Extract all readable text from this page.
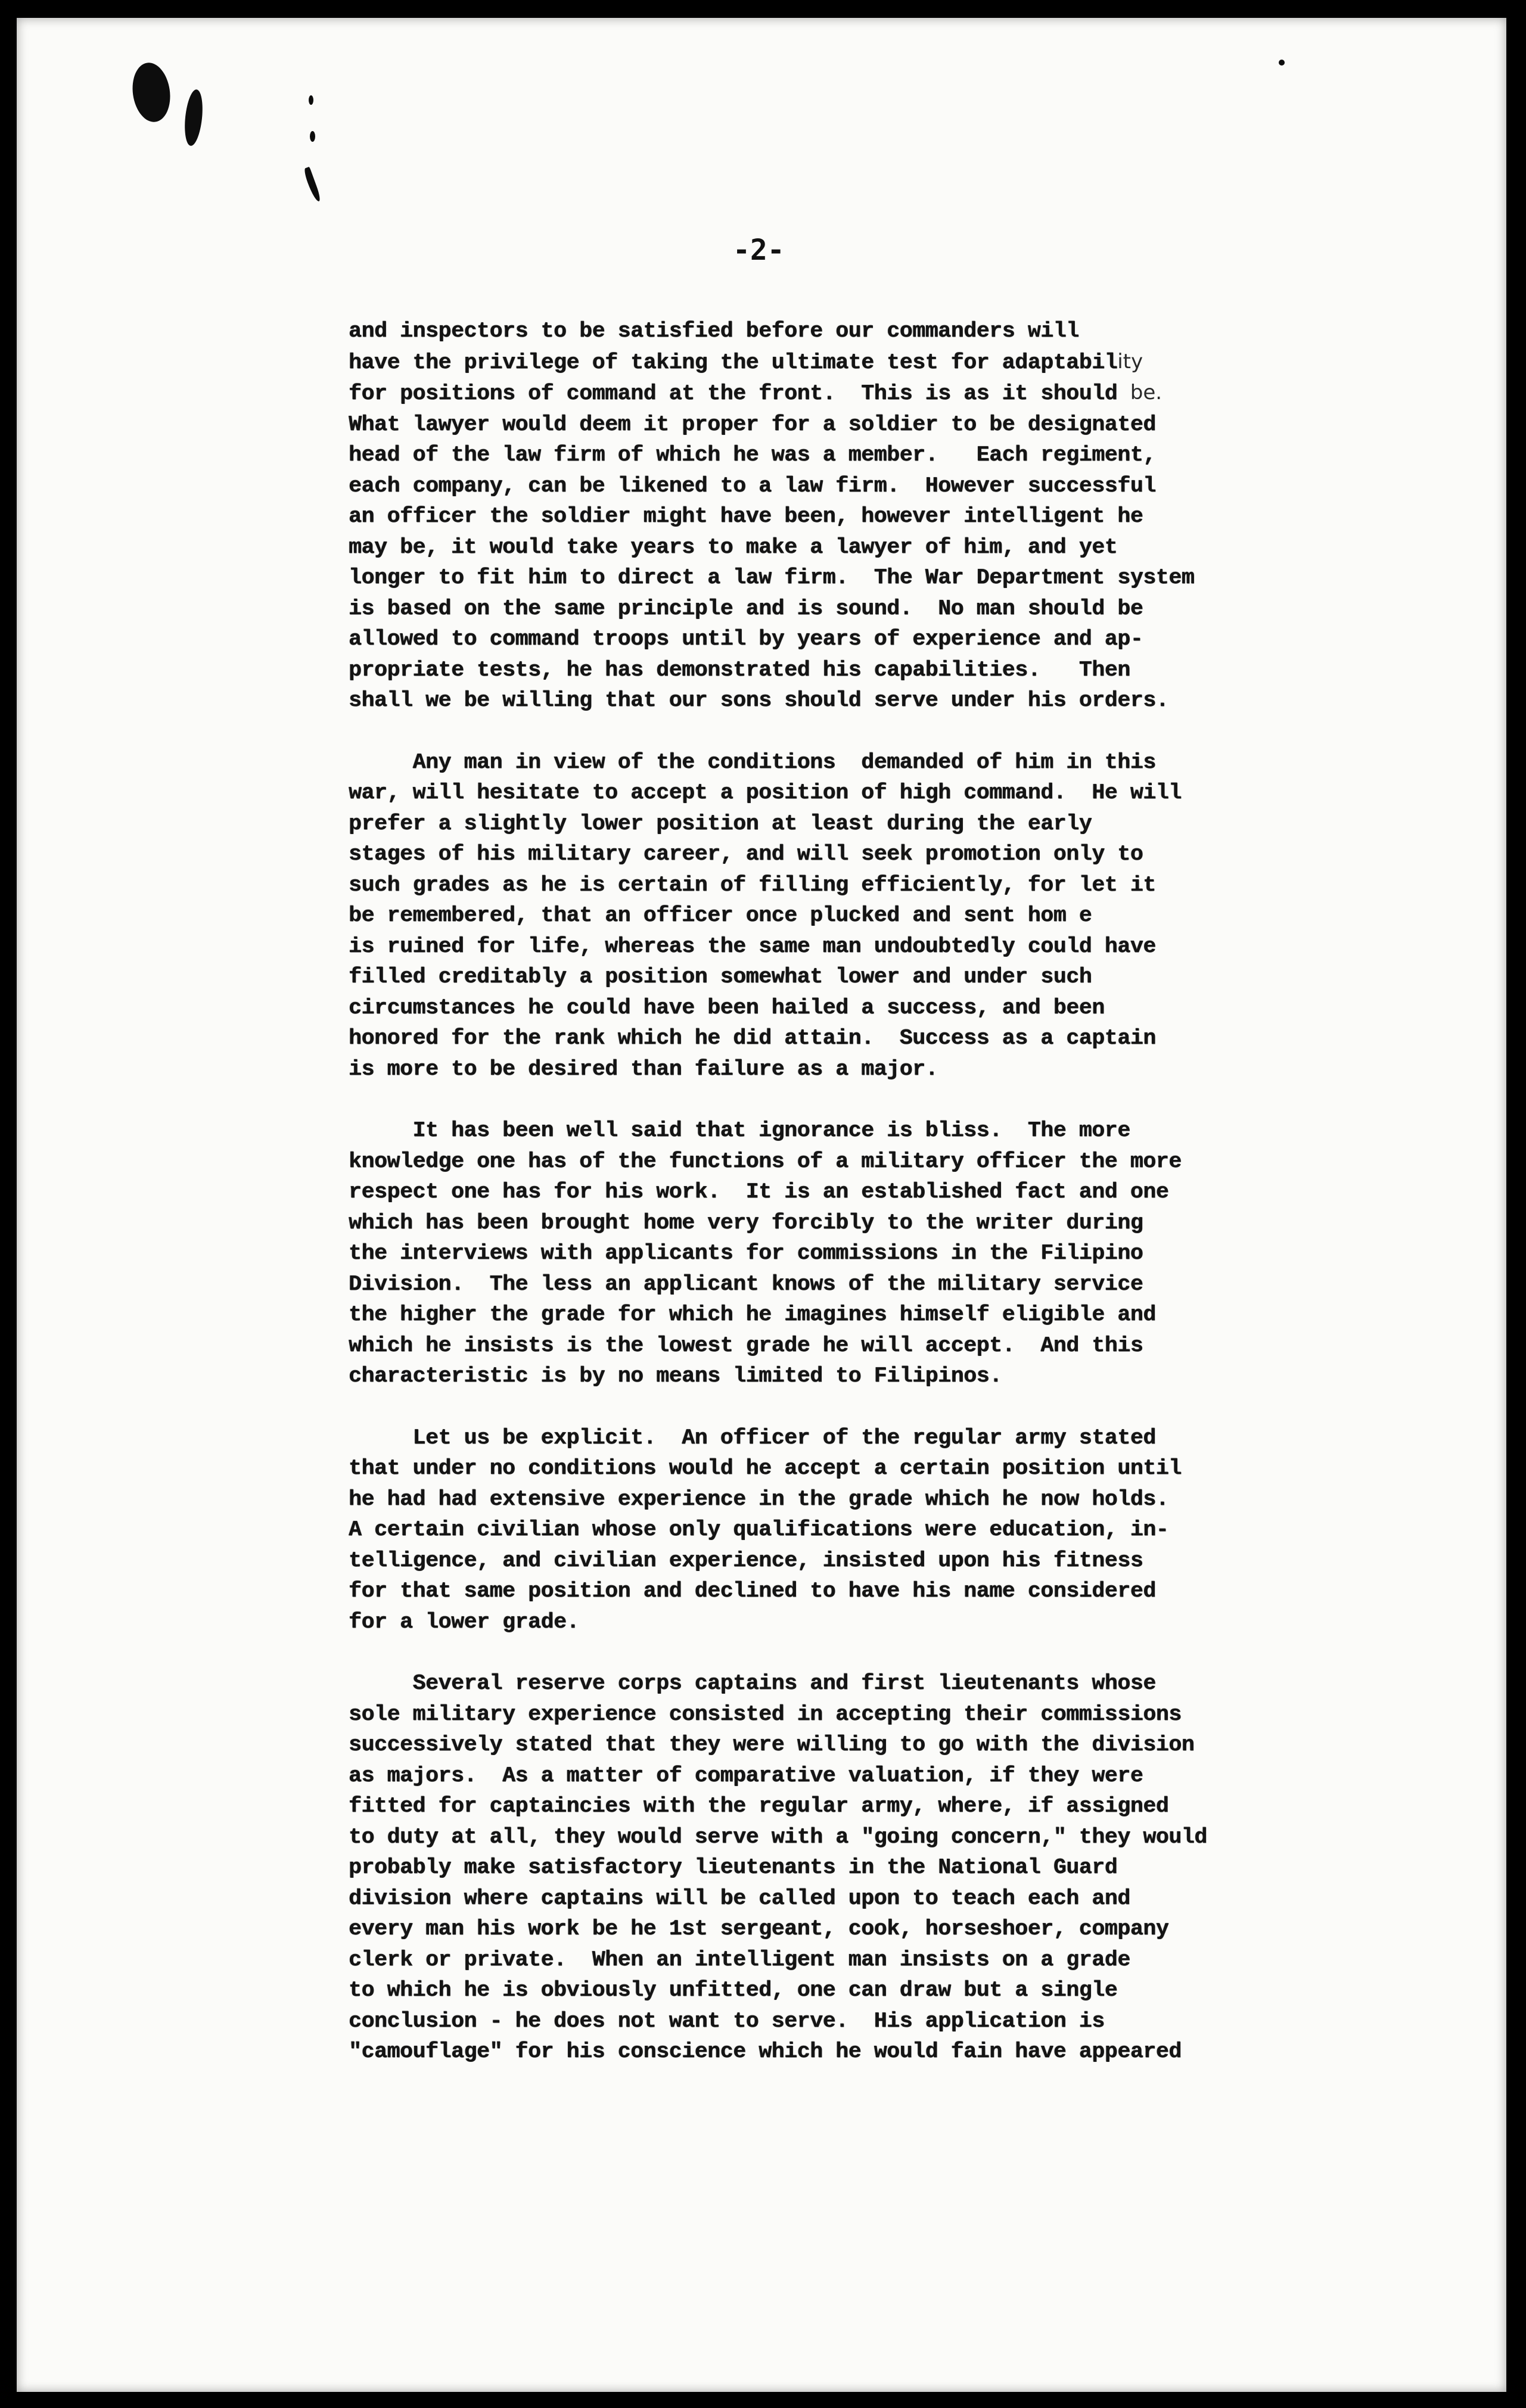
-2-
and inspectors to be satisfied before our commanders will
have the privilege of taking the ultimate test for adaptability
for positions of command at the front.  This is as it should be.
What lawyer would deem it proper for a soldier to be designated
head of the law firm of which he was a member.   Each regiment,
each company, can be likened to a law firm.  However successful
an officer the soldier might have been, however intelligent he
may be, it would take years to make a lawyer of him, and yet
longer to fit him to direct a law firm.  The War Department system
is based on the same principle and is sound.  No man should be
allowed to command troops until by years of experience and ap-
propriate tests, he has demonstrated his capabilities.   Then
shall we be willing that our sons should serve under his orders.
Any man in view of the conditions  demanded of him in this
war, will hesitate to accept a position of high command.  He will
prefer a slightly lower position at least during the early
stages of his military career, and will seek promotion only to
such grades as he is certain of filling efficiently, for let it
be remembered, that an officer once plucked and sent hom e
is ruined for life, whereas the same man undoubtedly could have
filled creditably a position somewhat lower and under such
circumstances he could have been hailed a success, and been
honored for the rank which he did attain.  Success as a captain
is more to be desired than failure as a major.
It has been well said that ignorance is bliss.  The more
knowledge one has of the functions of a military officer the more
respect one has for his work.  It is an established fact and one
which has been brought home very forcibly to the writer during
the interviews with applicants for commissions in the Filipino
Division.  The less an applicant knows of the military service
the higher the grade for which he imagines himself eligible and
which he insists is the lowest grade he will accept.  And this
characteristic is by no means limited to Filipinos.
Let us be explicit.  An officer of the regular army stated
that under no conditions would he accept a certain position until
he had had extensive experience in the grade which he now holds.
A certain civilian whose only qualifications were education, in-
telligence, and civilian experience, insisted upon his fitness
for that same position and declined to have his name considered
for a lower grade.
Several reserve corps captains and first lieutenants whose
sole military experience consisted in accepting their commissions
successively stated that they were willing to go with the division
as majors.  As a matter of comparative valuation, if they were
fitted for captaincies with the regular army, where, if assigned
to duty at all, they would serve with a "going concern," they would
probably make satisfactory lieutenants in the National Guard
division where captains will be called upon to teach each and
every man his work be he 1st sergeant, cook, horseshoer, company
clerk or private.  When an intelligent man insists on a grade
to which he is obviously unfitted, one can draw but a single
conclusion - he does not want to serve.  His application is
"camouflage" for his conscience which he would fain have appeared
